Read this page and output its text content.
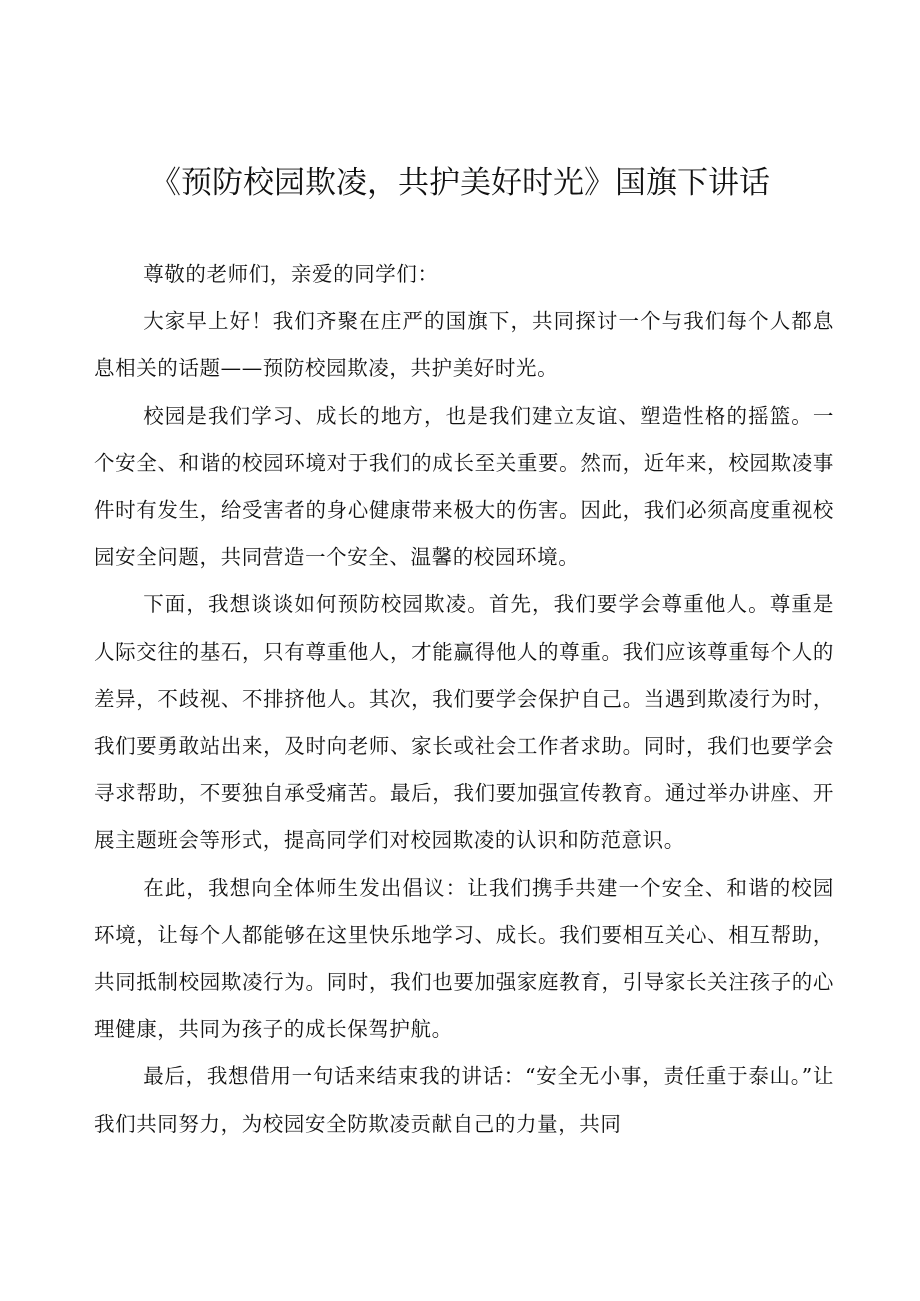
《预防校园欺凌，共护美好时光》国旗下讲话

尊敬的老师们，亲爱的同学们：

大家早上好！我们齐聚在庄严的国旗下，共同探讨一个与我们每个人都息息相关的话题——预防校园欺凌，共护美好时光。

校园是我们学习、成长的地方，也是我们建立友谊、塑造性格的摇篮。一个安全、和谐的校园环境对于我们的成长至关重要。然而，近年来，校园欺凌事件时有发生，给受害者的身心健康带来极大的伤害。因此，我们必须高度重视校园安全问题，共同营造一个安全、温馨的校园环境。

下面，我想谈谈如何预防校园欺凌。首先，我们要学会尊重他人。尊重是人际交往的基石，只有尊重他人，才能赢得他人的尊重。我们应该尊重每个人的差异，不歧视、不排挤他人。其次，我们要学会保护自己。当遇到欺凌行为时，我们要勇敢站出来，及时向老师、家长或社会工作者求助。同时，我们也要学会寻求帮助，不要独自承受痛苦。最后，我们要加强宣传教育。通过举办讲座、开展主题班会等形式，提高同学们对校园欺凌的认识和防范意识。

在此，我想向全体师生发出倡议：让我们携手共建一个安全、和谐的校园环境，让每个人都能够在这里快乐地学习、成长。我们要相互关心、相互帮助，共同抵制校园欺凌行为。同时，我们也要加强家庭教育，引导家长关注孩子的心理健康，共同为孩子的成长保驾护航。

最后，我想借用一句话来结束我的讲话：“安全无小事，责任重于泰山。”让我们共同努力，为校园安全防欺凌贡献自己的力量，共同
